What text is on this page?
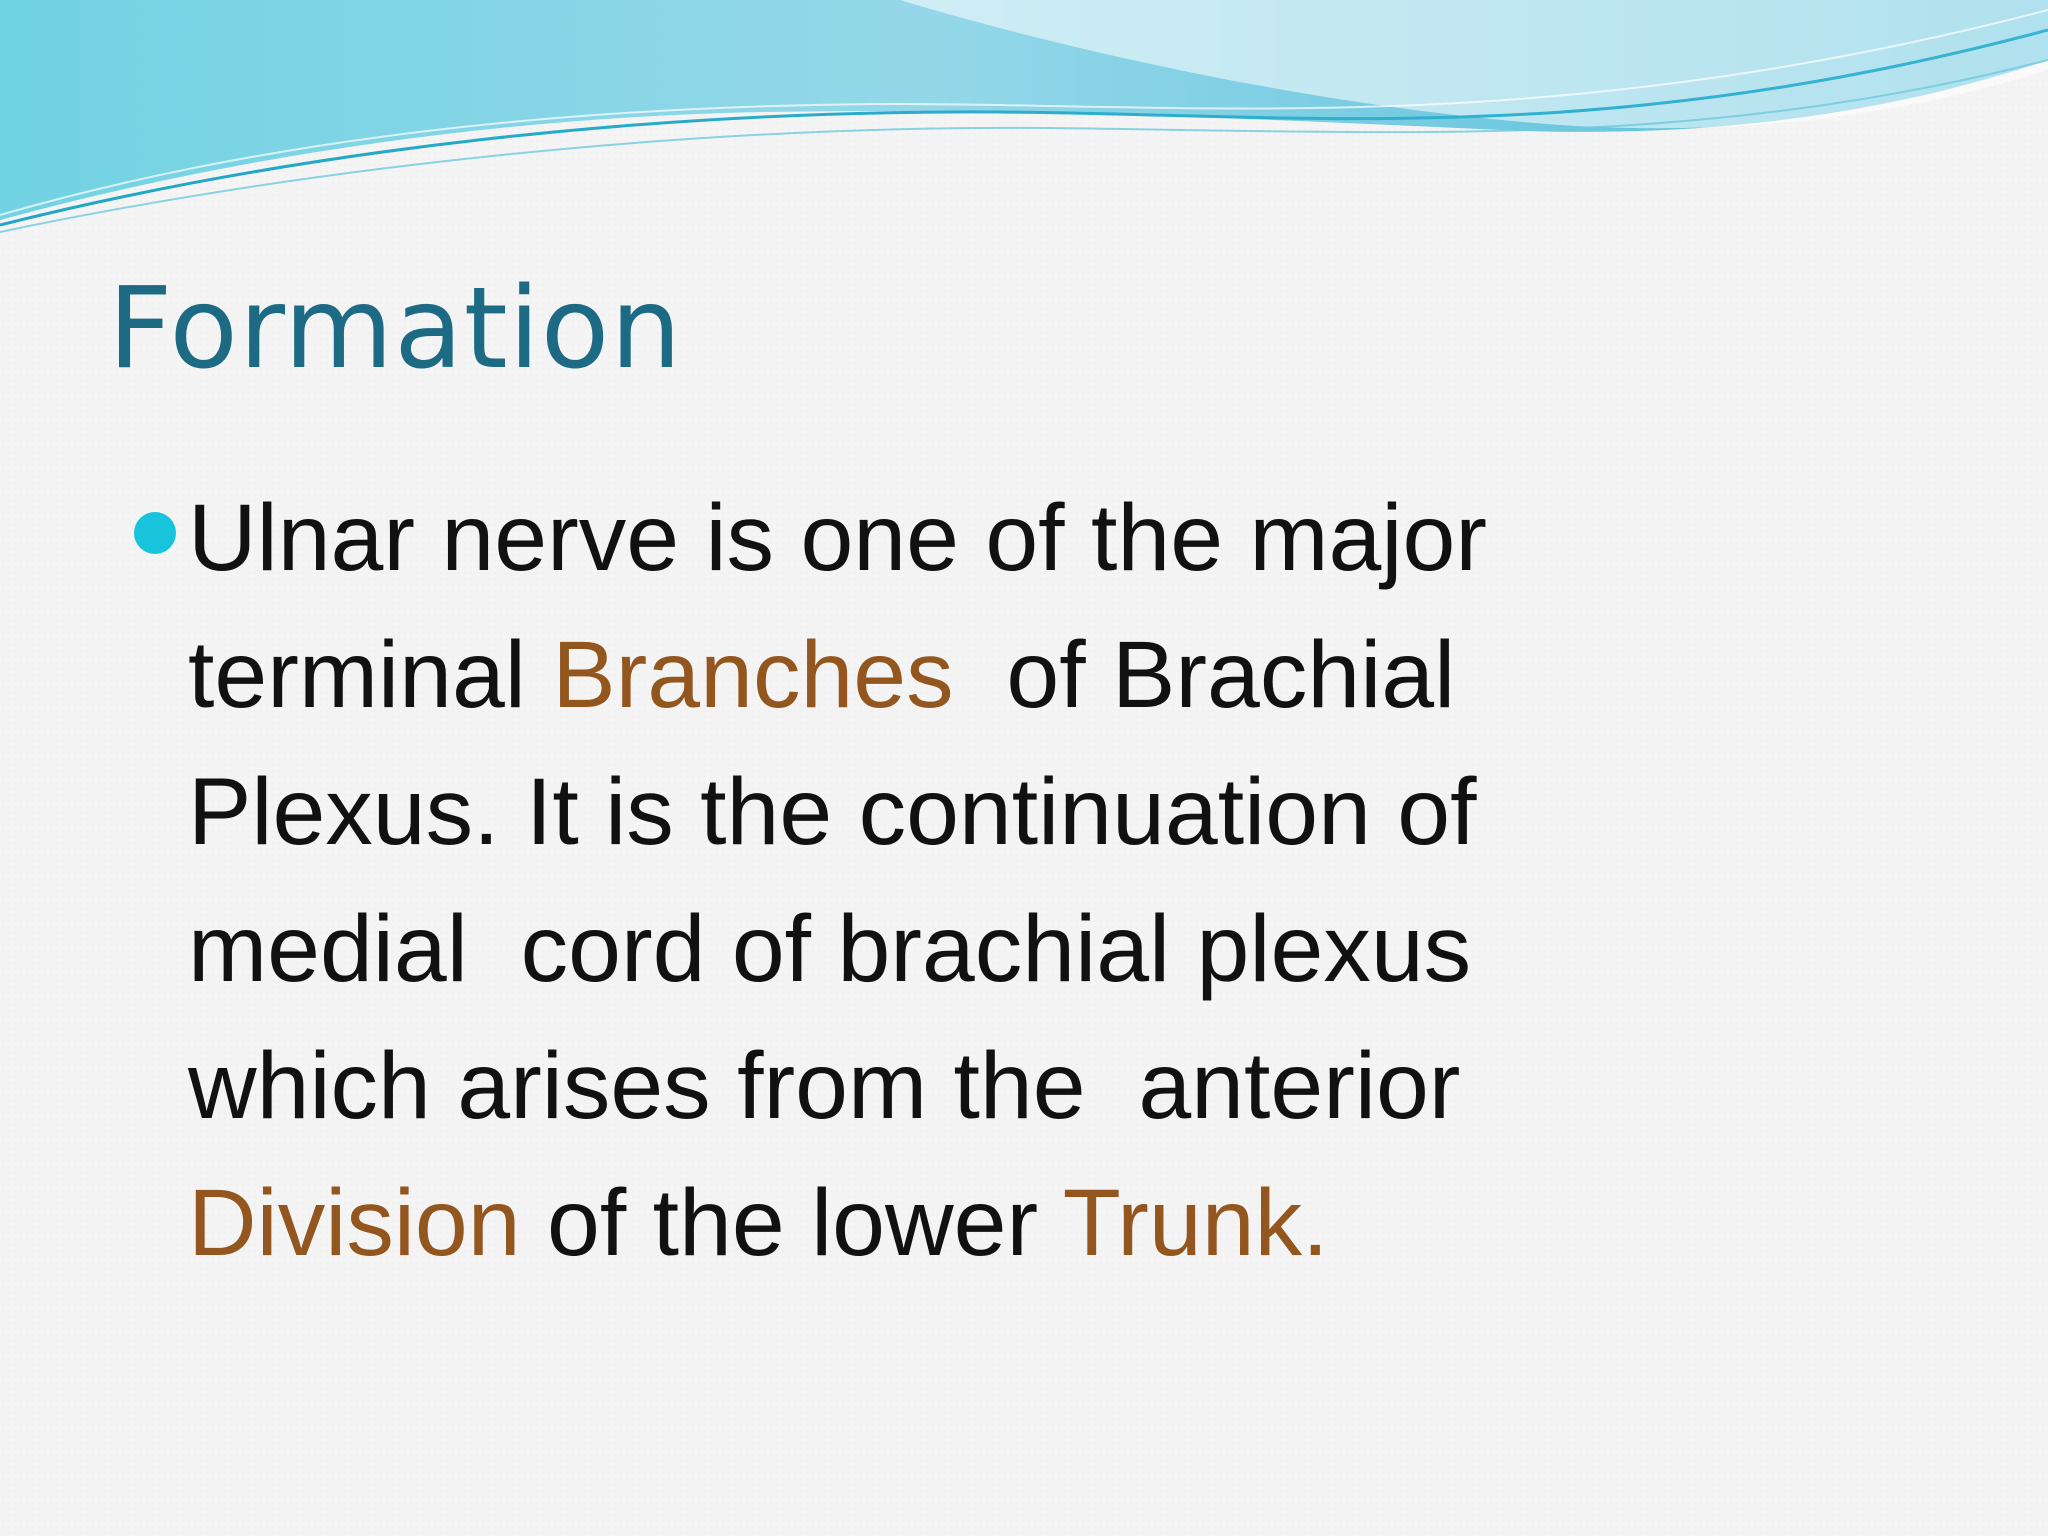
Formation
Ulnar nerve is one of the major
terminal Branches  of Brachial
Plexus. It is the continuation of
medial  cord of brachial plexus
which arises from the  anterior
Division of the lower Trunk.
